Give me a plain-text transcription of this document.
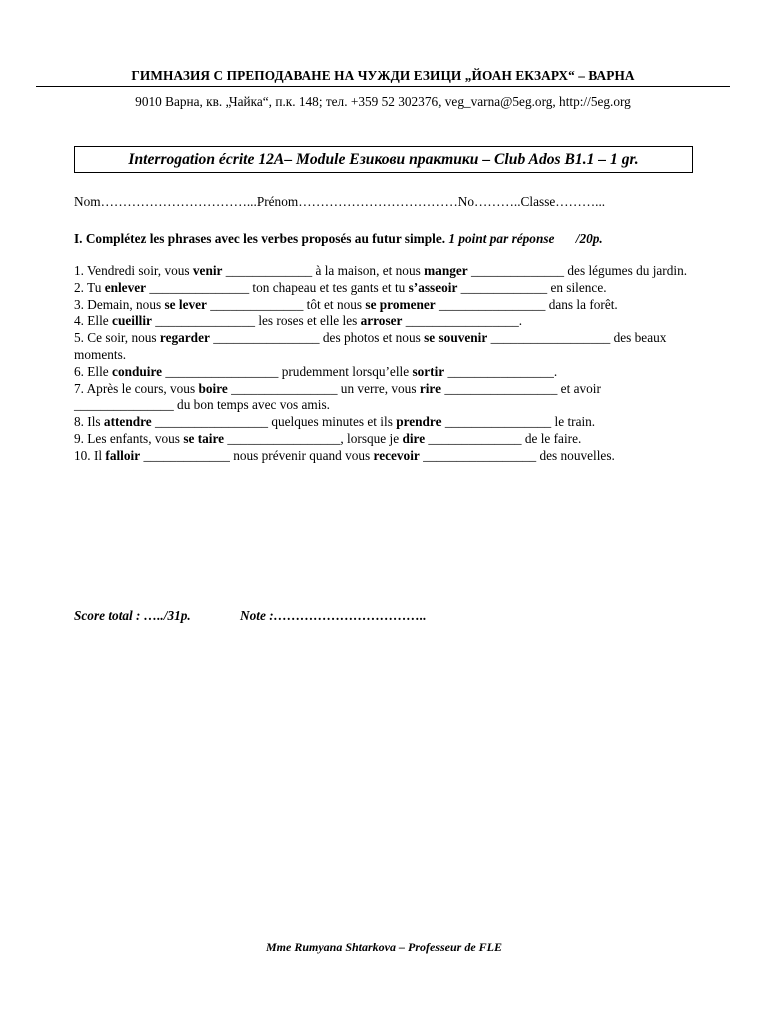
ГИМНАЗИЯ С ПРЕПОДАВАНЕ НА ЧУЖДИ ЕЗИЦИ „ЙОАН ЕКЗАРХ“ – ВАРНА
9010 Варна, кв. „Чайка“, п.к. 148; тел. +359 52 302376, veg_varna@5eg.org, http://5eg.org
Interrogation écrite 12A– Module Езикови практики – Club Ados B1.1 – 1 gr.
Nom……………………………...Prénom………………………………No………..Classe………...
I. Complétez les phrases avec les verbes proposés au futur simple. 1 point par réponse /20p.
1. Vendredi soir, vous venir _____________ à la maison, et nous manger ______________ des légumes du jardin.
2. Tu enlever _______________ ton chapeau et tes gants et tu s’asseoir _____________ en silence.
3. Demain, nous se lever ______________ tôt et nous se promener ________________ dans la forêt.
4. Elle cueillir _______________ les roses et elle les arroser _________________.
5. Ce soir, nous regarder ________________ des photos et nous se souvenir __________________ des beaux moments.
6. Elle conduire _________________ prudemment lorsqu’elle sortir ________________.
7. Après le cours, vous boire ________________ un verre, vous rire _________________ et avoir _______________ du bon temps avec vos amis.
8. Ils attendre _________________ quelques minutes et ils prendre ________________ le train.
9. Les enfants, vous se taire _________________, lorsque je dire ______________ de le faire.
10. Il falloir _____________ nous prévenir quand vous recevoir _________________ des nouvelles.
Score total : …../31p.	Note :……………………………..
Mme Rumyana Shtarkova – Professeur de FLE
